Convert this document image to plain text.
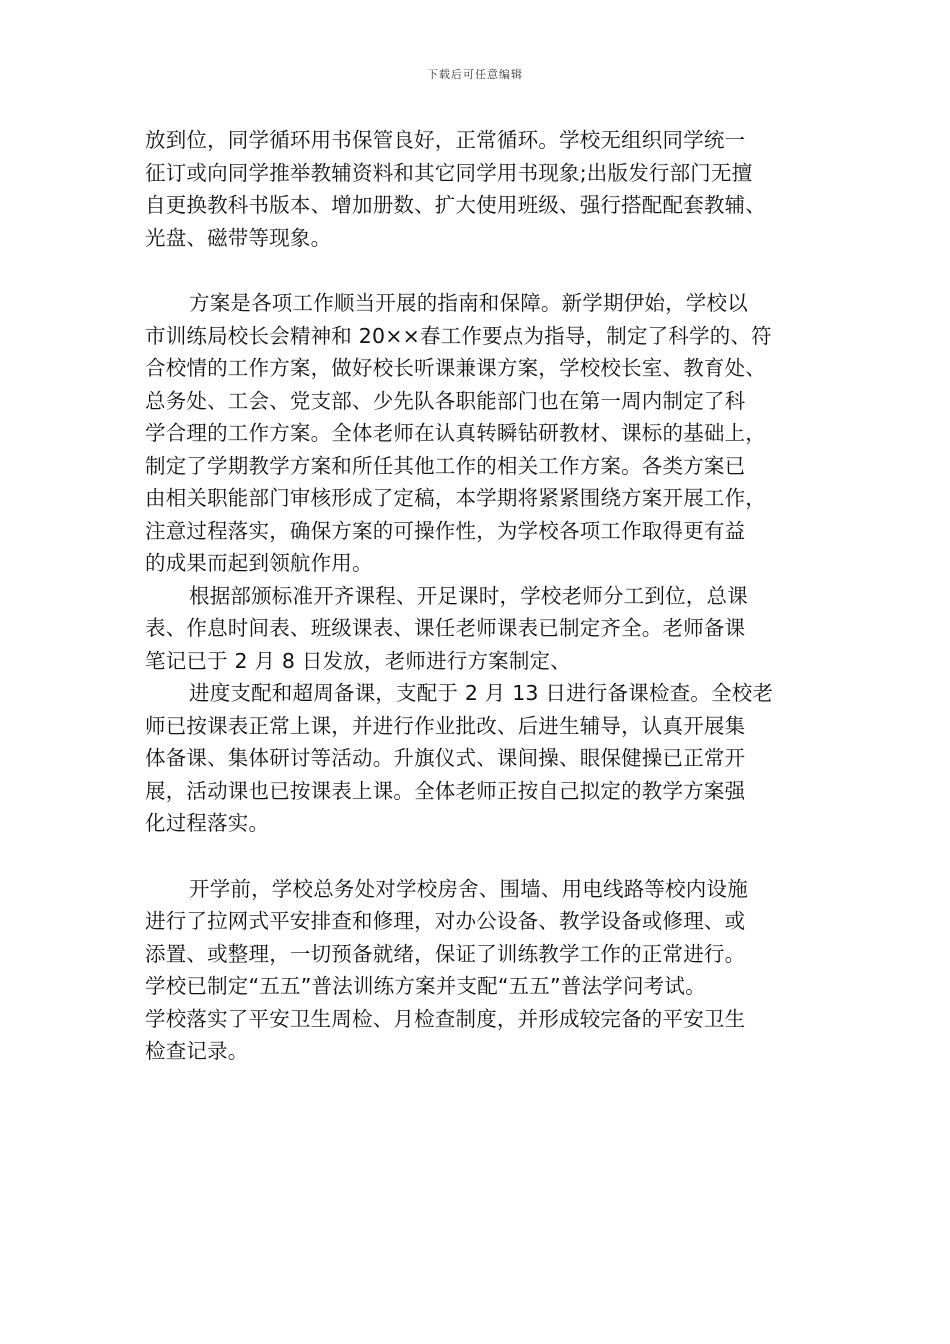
下载后可任意编辑
放到位，同学循环用书保管良好，正常循环。学校无组织同学统一
征订或向同学推举教辅资料和其它同学用书现象;出版发行部门无擅
自更换教科书版本、增加册数、扩大使用班级、强行搭配配套教辅、
光盘、磁带等现象。
方案是各项工作顺当开展的指南和保障。新学期伊始，学校以
市训练局校长会精神和 20××春工作要点为指导，制定了科学的、符
合校情的工作方案，做好校长听课兼课方案，学校校长室、教育处、
总务处、工会、党支部、少先队各职能部门也在第一周内制定了科
学合理的工作方案。全体老师在认真转瞬钻研教材、课标的基础上，
制定了学期教学方案和所任其他工作的相关工作方案。各类方案已
由相关职能部门审核形成了定稿，本学期将紧紧围绕方案开展工作，
注意过程落实，确保方案的可操作性，为学校各项工作取得更有益
的成果而起到领航作用。
根据部颁标准开齐课程、开足课时，学校老师分工到位，总课
表、作息时间表、班级课表、课任老师课表已制定齐全。老师备课
笔记已于 2 月 8 日发放，老师进行方案制定、
进度支配和超周备课，支配于 2 月 13 日进行备课检查。全校老
师已按课表正常上课，并进行作业批改、后进生辅导，认真开展集
体备课、集体研讨等活动。升旗仪式、课间操、眼保健操已正常开
展，活动课也已按课表上课。全体老师正按自己拟定的教学方案强
化过程落实。
开学前，学校总务处对学校房舍、围墙、用电线路等校内设施
进行了拉网式平安排查和修理，对办公设备、教学设备或修理、或
添置、或整理，一切预备就绪，保证了训练教学工作的正常进行。
学校已制定“五五”普法训练方案并支配“五五”普法学问考试。
学校落实了平安卫生周检、月检查制度，并形成较完备的平安卫生
检查记录。
